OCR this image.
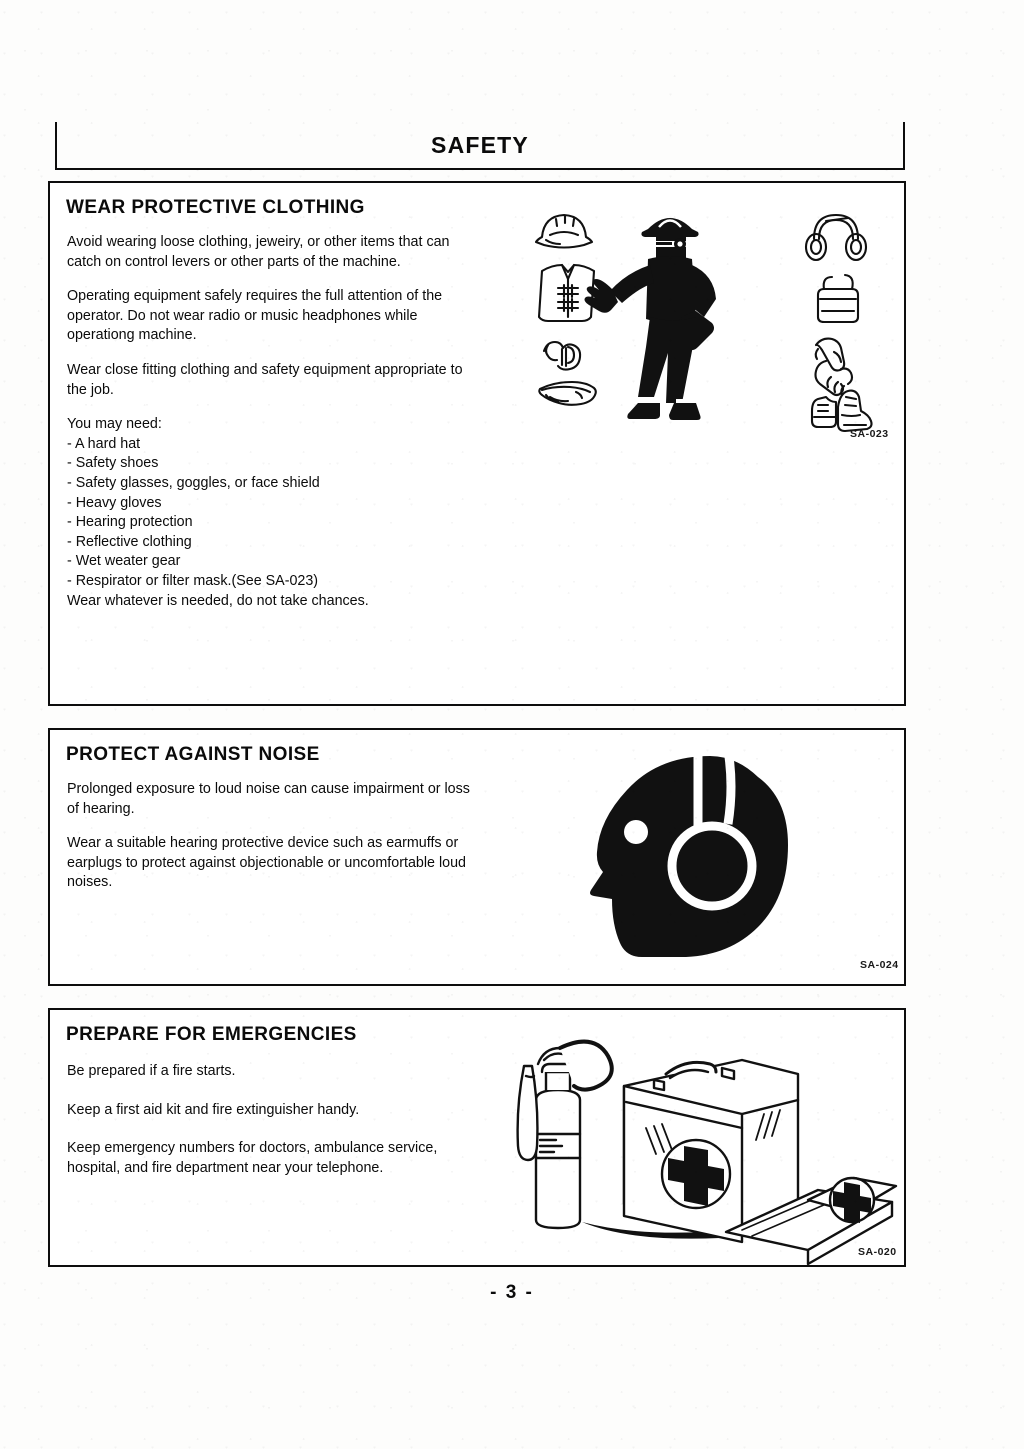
SAFETY
WEAR PROTECTIVE CLOTHING

Avoid wearing loose clothing, jeweiry, or other items that can catch on control levers or other parts of the machine.

Operating equipment safely requires the full attention of the operator. Do not wear radio or music headphones while operationg machine.

Wear close fitting clothing and safety equipment appropriate to the job.

You may need:

- A hard hat
- Safety shoes
- Safety glasses, goggles, or face shield
- Heavy gloves
- Hearing protection
- Reflective clothing
- Wet weater gear
- Respirator or filter mask.(See SA-023)

Wear whatever is needed, do not take chances.

SA-023
PROTECT AGAINST NOISE

Prolonged exposure to loud noise can cause impairment or loss of hearing.

Wear a suitable hearing protective device such as earmuffs or earplugs to protect against objectionable or uncomfortable loud noises.

SA-024
PREPARE FOR EMERGENCIES

Be prepared if a fire starts.

Keep a first aid kit and fire extinguisher handy.

Keep emergency numbers for doctors, ambulance service, hospital, and fire department near your telephone.

SA-020
- 3 -
